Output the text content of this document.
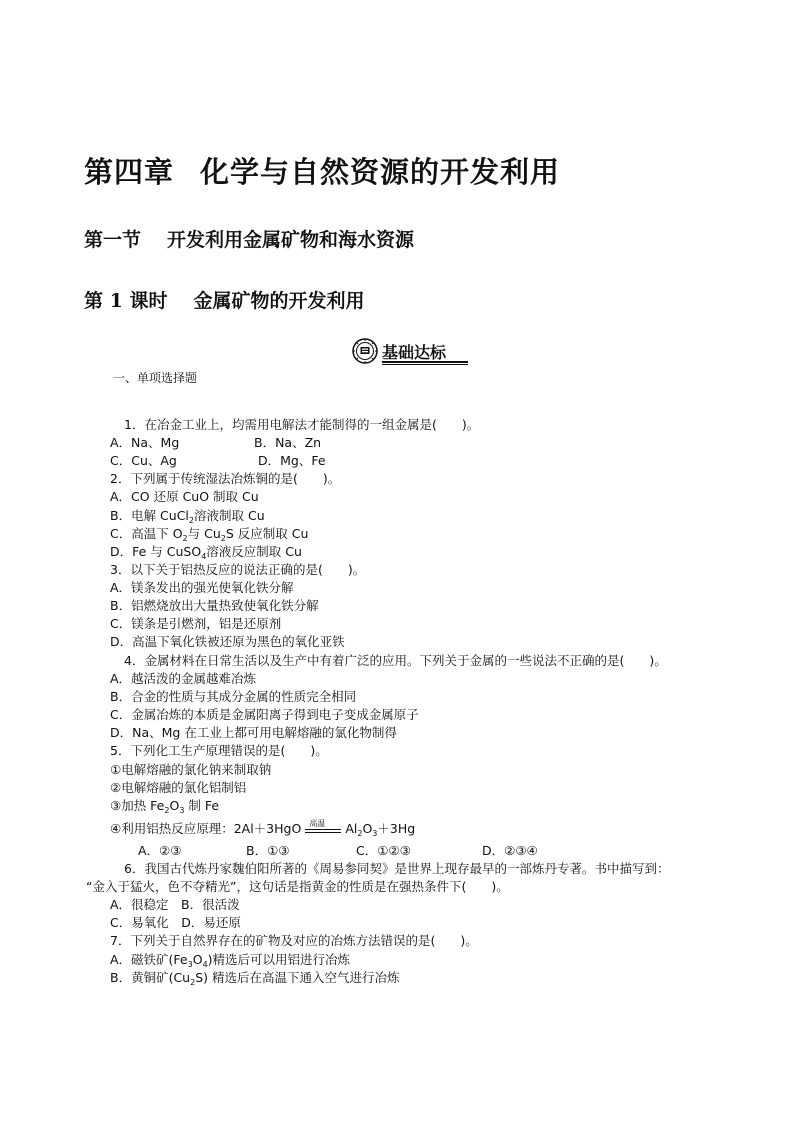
第四章 化学与自然资源的开发利用
第一节 开发利用金属矿物和海水资源
第 1 课时 金属矿物的开发利用
基础达标
一、单项选择题
1．在冶金工业上，均需用电解法才能制得的一组金属是(　　)。
A．Na、Mg	B．Na、Zn
C．Cu、Ag	D．Mg、Fe
2．下列属于传统湿法冶炼铜的是(　　)。
A．CO 还原 CuO 制取 Cu
B．电解 CuCl$_2$溶液制取 Cu
C．高温下 $O_2$与 $Cu_2S$ 反应制取 Cu
D．Fe 与 CuSO$_4$溶液反应制取 Cu
3．以下关于铝热反应的说法正确的是(　　)。
A．镁条发出的强光使氧化铁分解
B．铝燃烧放出大量热致使氧化铁分解
C．镁条是引燃剂，铝是还原剂
D．高温下氧化铁被还原为黑色的氧化亚铁
4．金属材料在日常生活以及生产中有着广泛的应用。下列关于金属的一些说法不正确的是(　　)。
A．越活泼的金属越难冶炼
B．合金的性质与其成分金属的性质完全相同
C．金属冶炼的本质是金属阳离子得到电子变成金属原子
D．Na、Mg 在工业上都可用电解熔融的氯化物制得
5．下列化工生产原理错误的是(　　)。
①电解熔融的氯化钠来制取钠
②电解熔融的氯化铝制铝
③加热 $Fe_2O_3$ 制 Fe
④利用铝热反应原理：2Al＋3HgO 高温 $Al_2O_3+3Hg$
A．②③	B．①③	C．①②③	D．②③④
6．我国古代炼丹家魏伯阳所著的《周易参同契》是世界上现存最早的一部炼丹专著。书中描写到：
“金入于猛火，色不夺精光”，这句话是指黄金的性质是在强热条件下(　　)。
A．很稳定　B．很活泼
C．易氧化　D．易还原
7．下列关于自然界存在的矿物及对应的冶炼方法错误的是(　　)。
A．磁铁矿$(Fe_3O_4)$精选后可以用铝进行冶炼
B．黄铜矿$(Cu_2S)$ 精选后在高温下通入空气进行冶炼
